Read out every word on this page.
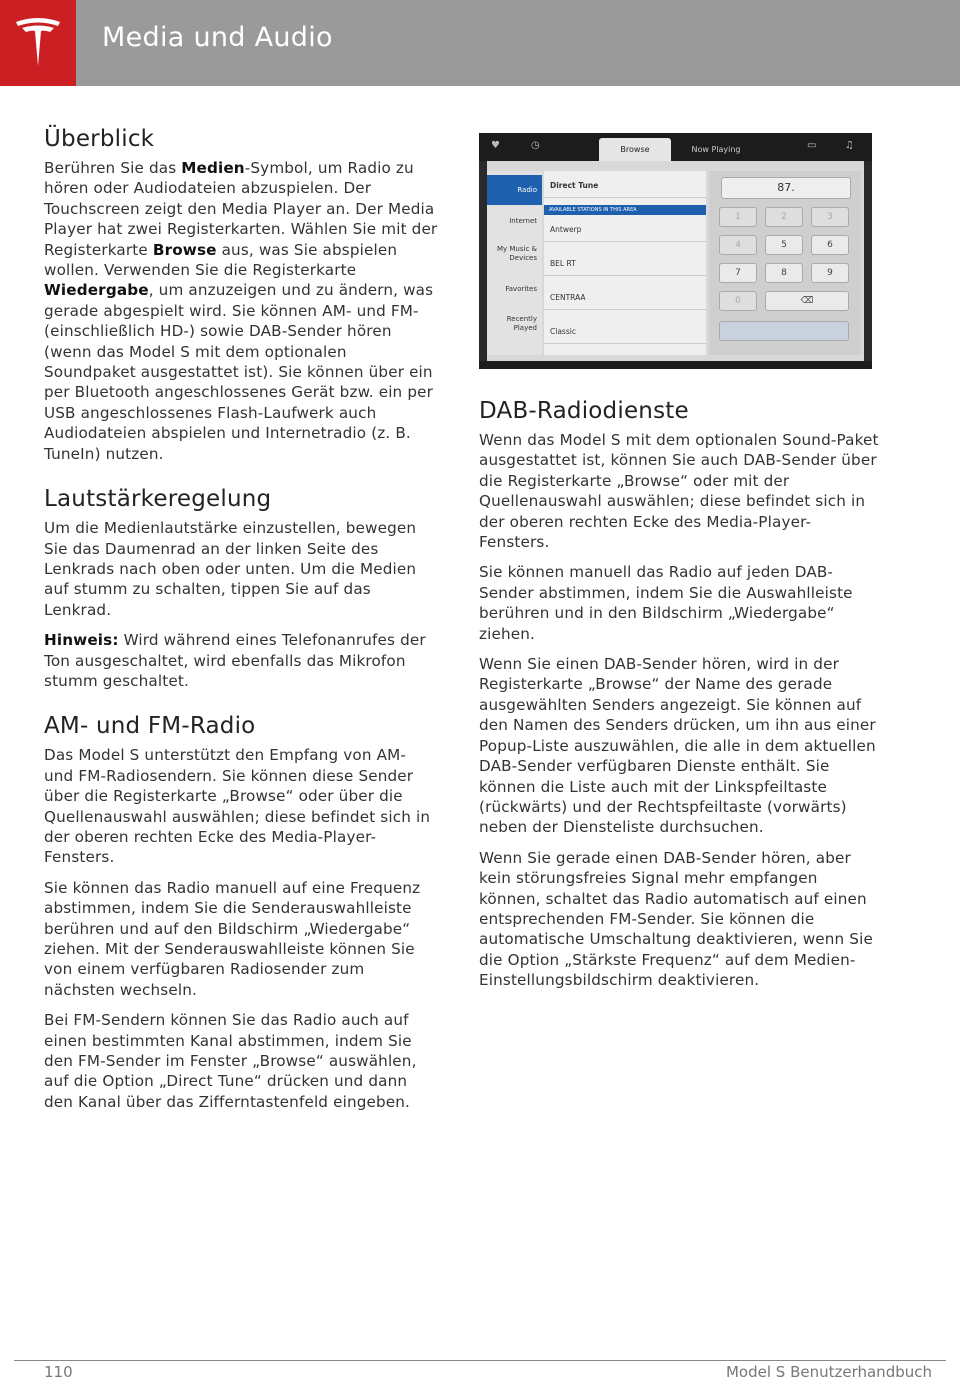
Media und Audio
Überblick

Berühren Sie das Medien-Symbol, um Radio zu hören oder Audiodateien abzuspielen. Der Touchscreen zeigt den Media Player an. Der Media Player hat zwei Registerkarten. Wählen Sie mit der Registerkarte Browse aus, was Sie abspielen wollen. Verwenden Sie die Registerkarte Wiedergabe, um anzuzeigen und zu ändern, was gerade abgespielt wird. Sie können AM- und FM- (einschließlich HD-) sowie DAB-Sender hören (wenn das Model S mit dem optionalen Soundpaket ausgestattet ist). Sie können über ein per Bluetooth angeschlossenes Gerät bzw. ein per USB angeschlossenes Flash-Laufwerk auch Audiodateien abspielen und Internetradio (z. B. TuneIn) nutzen.

Lautstärkeregelung

Um die Medienlautstärke einzustellen, bewegen Sie das Daumenrad an der linken Seite des Lenkrads nach oben oder unten. Um die Medien auf stumm zu schalten, tippen Sie auf das Lenkrad.

Hinweis: Wird während eines Telefonanrufes der Ton ausgeschaltet, wird ebenfalls das Mikrofon stumm geschaltet.

AM- und FM-Radio

Das Model S unterstützt den Empfang von AM- und FM-Radiosendern. Sie können diese Sender über die Registerkarte „Browse“ oder über die Quellenauswahl auswählen; diese befindet sich in der oberen rechten Ecke des Media-Player-Fensters.

Sie können das Radio manuell auf eine Frequenz abstimmen, indem Sie die Senderauswahlleiste berühren und auf den Bildschirm „Wiedergabe“ ziehen. Mit der Senderauswahlleiste können Sie von einem verfügbaren Radiosender zum nächsten wechseln.

Bei FM-Sendern können Sie das Radio auch auf einen bestimmten Kanal abstimmen, indem Sie den FM-Sender im Fenster „Browse“ auswählen, auf die Option „Direct Tune“ drücken und dann den Kanal über das Zifferntastenfeld eingeben.

♥	◷	Browse	Now Playing	▭	♫
Radio
Internet
My Music & Devices
Favorites
Recently Played
Direct Tune
AVAILABLE STATIONS IN THIS AREA
Antwerp
BEL RT
CENTRAA
Classic
87.
1	2	3
4	5	6
7	8	9
0	⌫
DAB-Radiodienste

Wenn das Model S mit dem optionalen Sound-Paket ausgestattet ist, können Sie auch DAB-Sender über die Registerkarte „Browse“ oder mit der Quellenauswahl auswählen; diese befindet sich in der oberen rechten Ecke des Media-Player-Fensters.

Sie können manuell das Radio auf jeden DAB-Sender abstimmen, indem Sie die Auswahlleiste berühren und in den Bildschirm „Wiedergabe“ ziehen.

Wenn Sie einen DAB-Sender hören, wird in der Registerkarte „Browse“ der Name des gerade ausgewählten Senders angezeigt. Sie können auf den Namen des Senders drücken, um ihn aus einer Popup-Liste auszuwählen, die alle in dem aktuellen DAB-Sender verfügbaren Dienste enthält. Sie können die Liste auch mit der Linkspfeiltaste (rückwärts) und der Rechtspfeiltaste (vorwärts) neben der Diensteliste durchsuchen.

Wenn Sie gerade einen DAB-Sender hören, aber kein störungsfreies Signal mehr empfangen können, schaltet das Radio automatisch auf einen entsprechenden FM-Sender. Sie können die automatische Umschaltung deaktivieren, wenn Sie die Option „Stärkste Frequenz“ auf dem Medien-Einstellungsbildschirm deaktivieren.

110	Model S Benutzerhandbuch
